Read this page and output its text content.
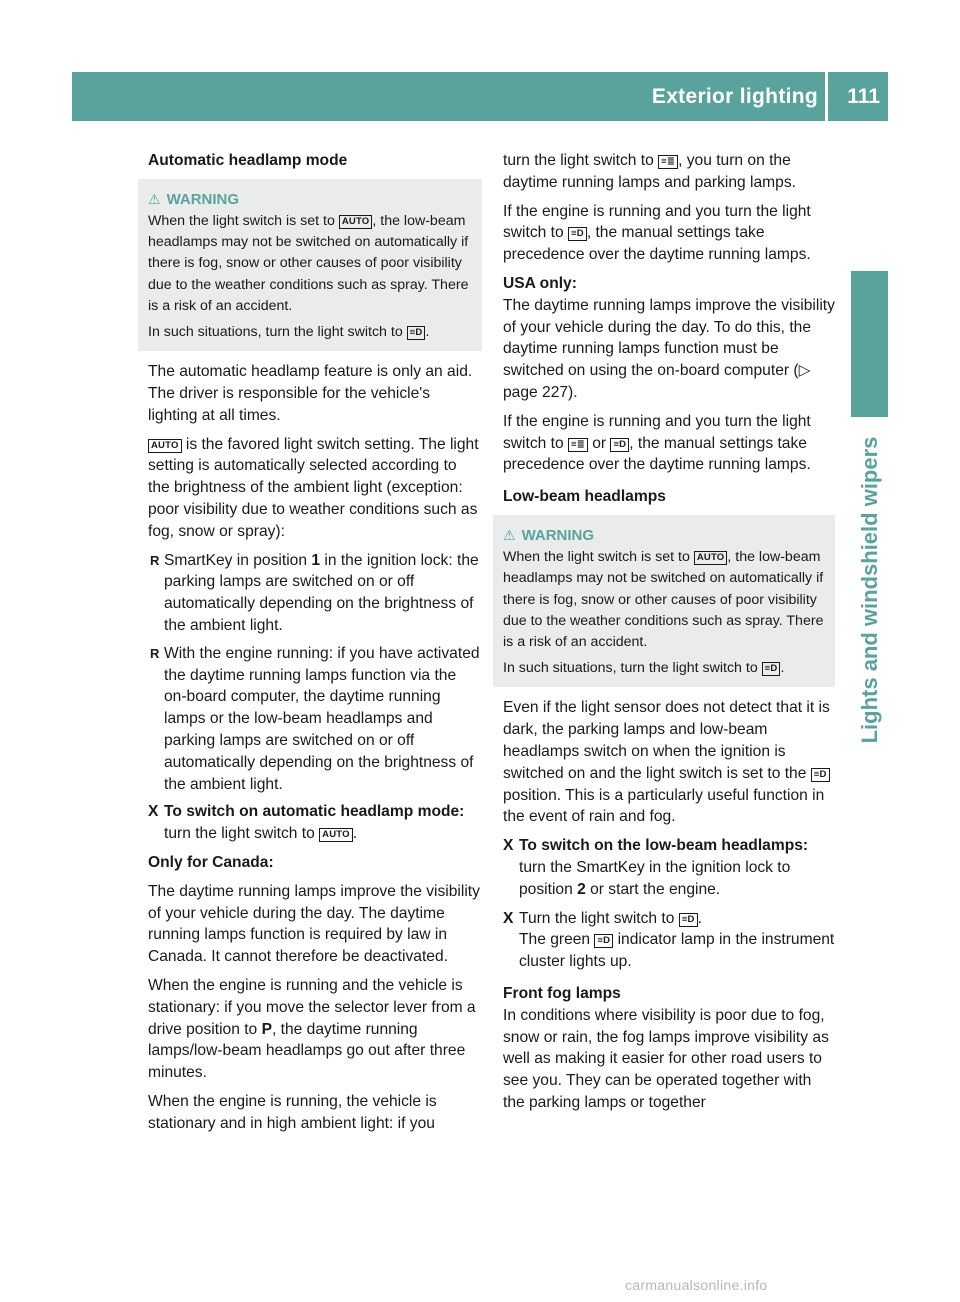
Exterior lighting 111
Lights and windshield wipers
Automatic headlamp mode
⚠ WARNING

When the light switch is set to AUTO , the low-beam headlamps may not be switched on automatically if there is fog, snow or other causes of poor visibility due to the weather conditions such as spray. There is a risk of an accident.

In such situations, turn the light switch to ≡D .

The automatic headlamp feature is only an aid. The driver is responsible for the vehicle's lighting at all times.

AUTO is the favored light switch setting. The light setting is automatically selected according to the brightness of the ambient light (exception: poor visibility due to weather conditions such as fog, snow or spray):

R SmartKey in position 1 in the ignition lock: the parking lamps are switched on or off automatically depending on the brightness of the ambient light.
R With the engine running: if you have activated the daytime running lamps function via the on-board computer, the daytime running lamps or the low-beam headlamps and parking lamps are switched on or off automatically depending on the brightness of the ambient light.
X To switch on automatic headlamp mode: turn the light switch to AUTO .
Only for Canada:

The daytime running lamps improve the visibility of your vehicle during the day. The daytime running lamps function is required by law in Canada. It cannot therefore be deactivated.

When the engine is running and the vehicle is stationary: if you move the selector lever from a drive position to P, the daytime running lamps/low-beam headlamps go out after three minutes.

When the engine is running, the vehicle is stationary and in high ambient light: if you

turn the light switch to ≡≣ , you turn on the daytime running lamps and parking lamps.

If the engine is running and you turn the light switch to ≡D , the manual settings take precedence over the daytime running lamps.

USA only:

The daytime running lamps improve the visibility of your vehicle during the day. To do this, the daytime running lamps function must be switched on using the on-board computer (▷ page 227).

If the engine is running and you turn the light switch to ≡≣ or ≡D , the manual settings take precedence over the daytime running lamps.

Low-beam headlamps
⚠ WARNING

When the light switch is set to AUTO , the low-beam headlamps may not be switched on automatically if there is fog, snow or other causes of poor visibility due to the weather conditions such as spray. There is a risk of an accident.

In such situations, turn the light switch to ≡D .

Even if the light sensor does not detect that it is dark, the parking lamps and low-beam headlamps switch on when the ignition is switched on and the light switch is set to the ≡D position. This is a particularly useful function in the event of rain and fog.

X To switch on the low-beam headlamps: turn the SmartKey in the ignition lock to position 2 or start the engine.
X Turn the light switch to ≡D .
The green ≡D indicator lamp in the instrument cluster lights up.
Front fog lamps

In conditions where visibility is poor due to fog, snow or rain, the fog lamps improve visibility as well as making it easier for other road users to see you. They can be operated together with the parking lamps or together

carmanualsonline.info
